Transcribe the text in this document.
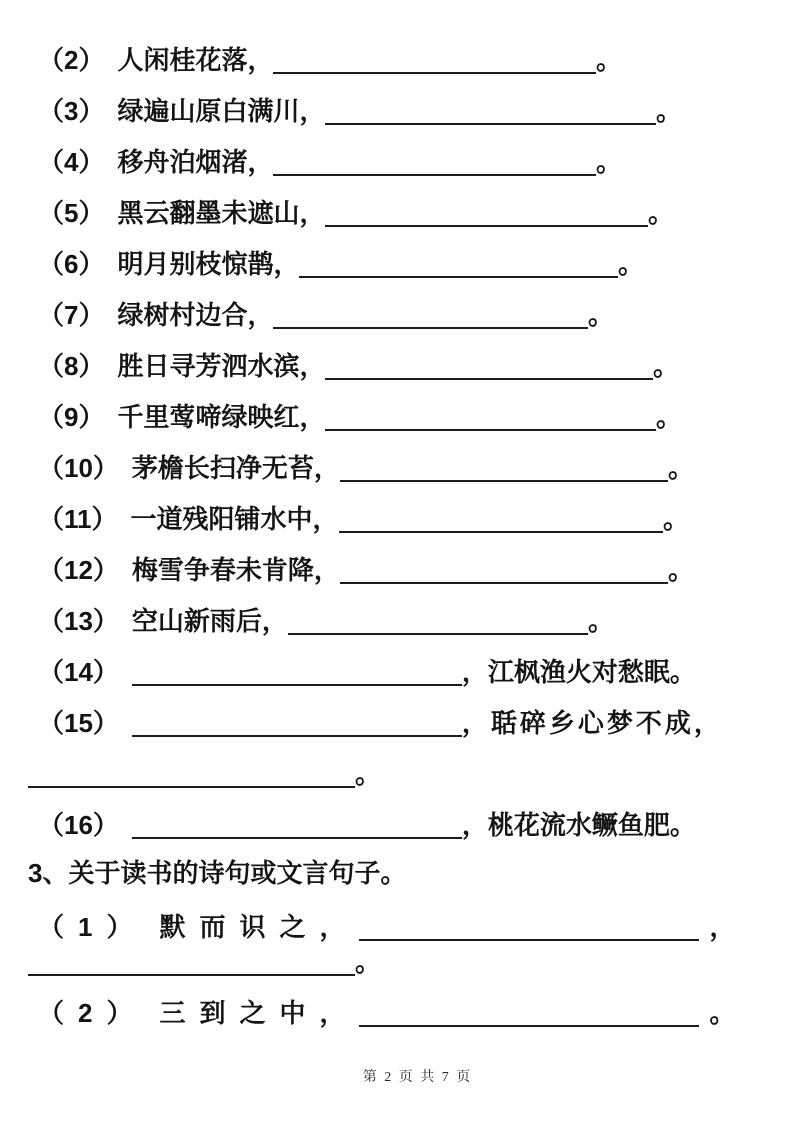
（2） 人闲桂花落，	。
（3） 绿遍山原白满川，	。
（4） 移舟泊烟渚，	。
（5） 黑云翻墨未遮山，	。
（6） 明月别枝惊鹊，	。
（7） 绿树村边合，	。
（8） 胜日寻芳泗水滨，	。
（9） 千里莺啼绿映红，	。
（10） 茅檐长扫净无苔，	。
（11） 一道残阳铺水中，	。
（12） 梅雪争春未肯降，	。
（13） 空山新雨后，	。
（14）	，江枫渔火对愁眠。
（15）	，聒碎乡心梦不成，
。
（16）	，桃花流水鳜鱼肥。
3、关于读书的诗句或文言句子。
（1） 默而识之，	，
。
（2） 三到之中，	。
第 2 页 共 7 页
